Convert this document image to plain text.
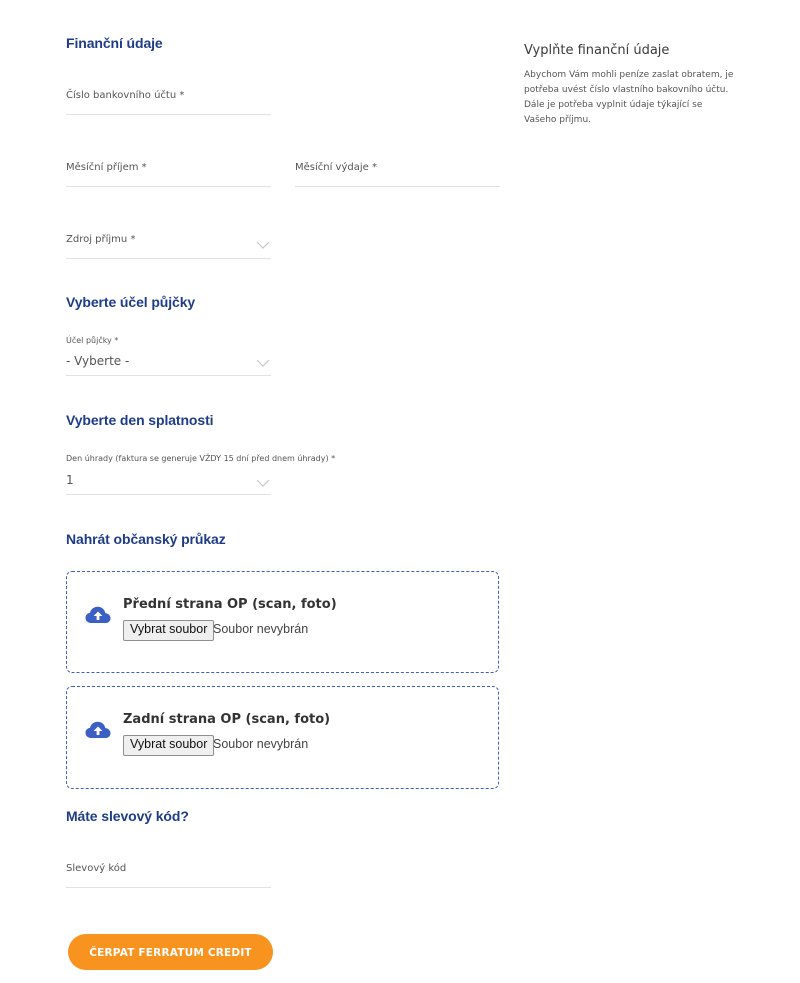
Finanční údaje
Číslo bankovního účtu *
Měsíční příjem *	Měsíční výdaje *
Zdroj příjmu *
Vyberte účel půjčky
Účel půjčky *
- Vyberte -
Vyberte den splatnosti
Den úhrady (faktura se generuje VŽDY 15 dní před dnem úhrady) *
1
Nahrát občanský průkaz
Přední strana OP (scan, foto)
Vybrat soubor Soubor nevybrán
Zadní strana OP (scan, foto)
Vybrat soubor Soubor nevybrán
Máte slevový kód?
Slevový kód
ČERPAT FERRATUM CREDIT
Vyplňte finanční údaje
Abychom Vám mohli peníze zaslat obratem, je potřeba uvést číslo vlastního bakovního účtu. Dále je potřeba vyplnit údaje týkající se Vašeho příjmu.
